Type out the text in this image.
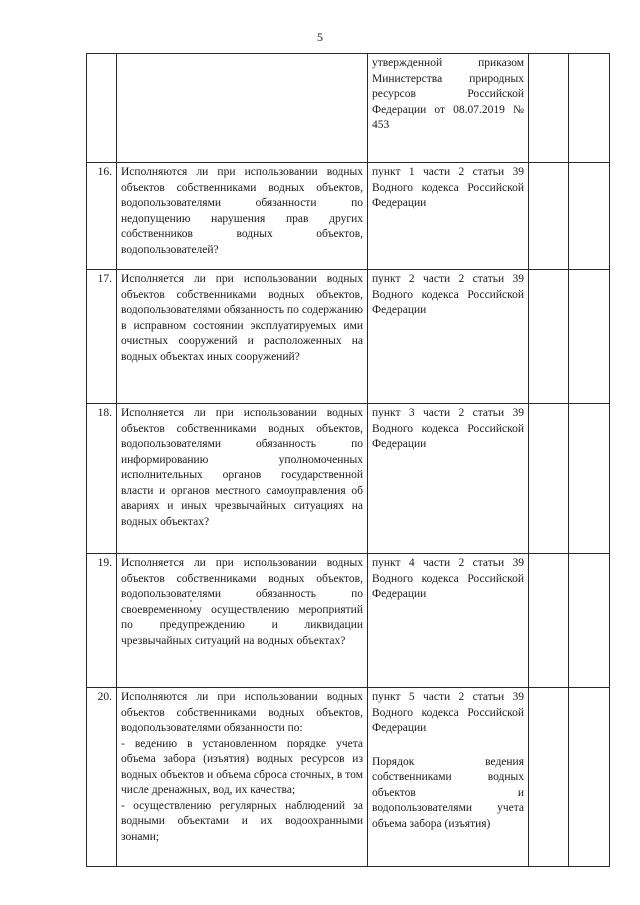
5
		утвержденной приказом Министерства природных ресурсов Российской Федерации от 08.07.2019 № 453		
16.	Исполняются ли при использовании водных объектов собственниками водных объектов, водопользователями обязанности по недопущению нарушения прав других собственников водных объектов, водопользователей?	пункт 1 части 2 статьи 39 Водного кодекса Российской Федерации		
17.	Исполняется ли при использовании водных объектов собственниками водных объектов, водопользователями обязанность по содержанию в исправном состоянии эксплуатируемых ими очистных сооружений и расположенных на водных объектах иных сооружений?	пункт 2 части 2 статьи 39 Водного кодекса Российской Федерации		
18.	Исполняется ли при использовании водных объектов собственниками водных объектов, водопользователями обязанность по информированию уполномоченных исполнительных органов государственной власти и органов местного самоуправления об авариях и иных чрезвычайных ситуациях на водных объектах?	пункт 3 части 2 статьи 39 Водного кодекса Российской Федерации		
19.	Исполняется ли при использовании водных объектов собственниками водных объектов, водопользователями обязанность по своевременному осуществлению мероприятий по предупреждению и ликвидации чрезвычайных ситуаций на водных объектах?	пункт 4 части 2 статьи 39 Водного кодекса Российской Федерации		
20.	Исполняются ли при использовании водных объектов собственниками водных объектов, водопользователями обязанности по:
- ведению в установленном порядке учета объема забора (изъятия) водных ресурсов из водных объектов и объема сброса сточных, в том числе дренажных, вод, их качества;
- осуществлению регулярных наблюдений за водными объектами и их водоохранными зонами;	пункт 5 части 2 статьи 39 Водного кодекса Российской Федерации
Порядок ведения собственниками водных объектов и водопользователями учета объема забора (изъятия)		
